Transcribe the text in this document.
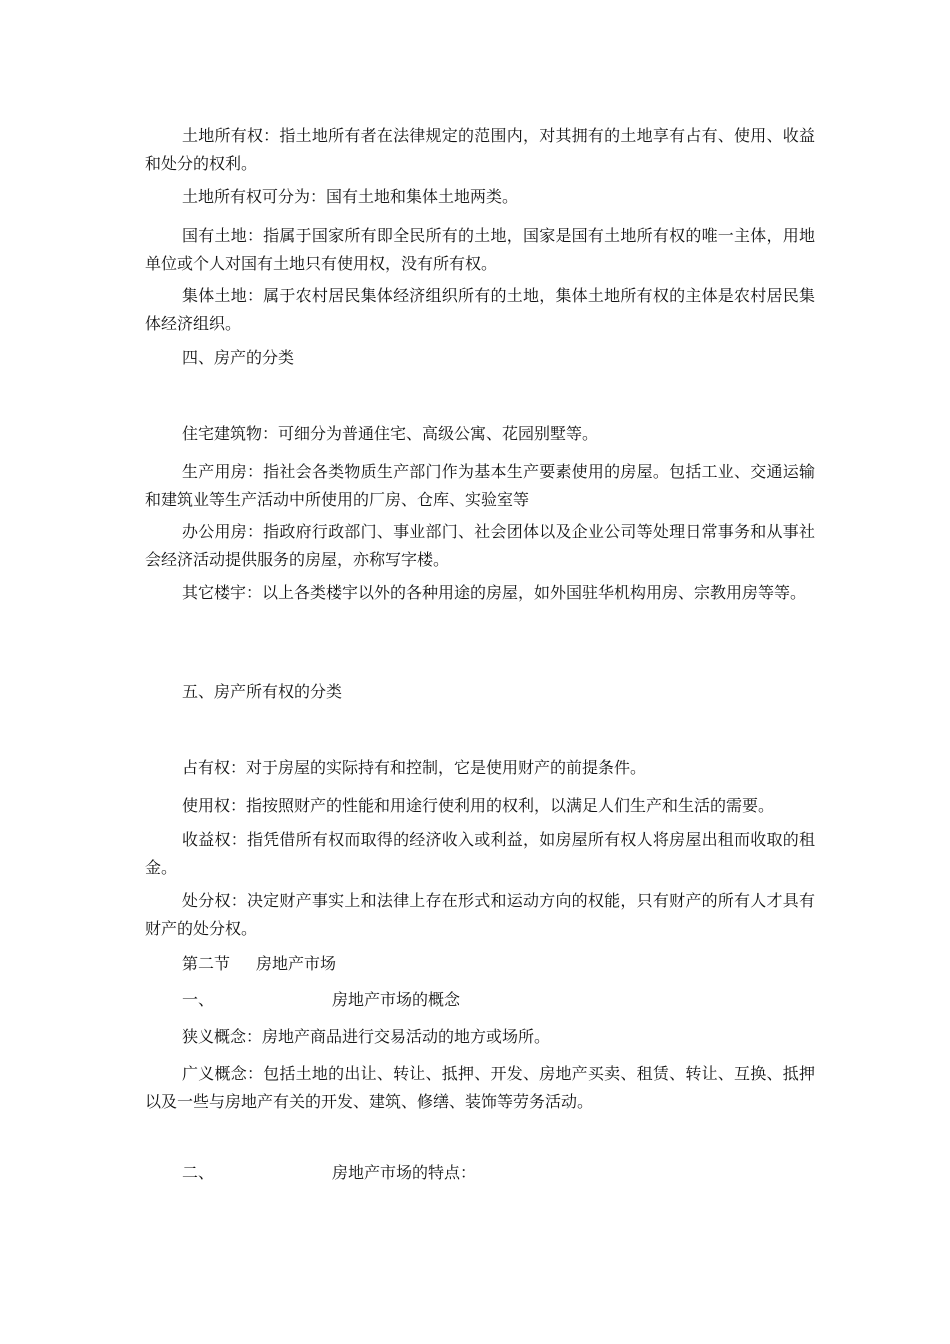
土地所有权：指土地所有者在法律规定的范围内，对其拥有的土地享有占有、使用、收益和处分的权利。

土地所有权可分为：国有土地和集体土地两类。

国有土地：指属于国家所有即全民所有的土地，国家是国有土地所有权的唯一主体，用地单位或个人对国有土地只有使用权，没有所有权。

集体土地：属于农村居民集体经济组织所有的土地，集体土地所有权的主体是农村居民集体经济组织。

四、房产的分类

住宅建筑物：可细分为普通住宅、高级公寓、花园别墅等。

生产用房：指社会各类物质生产部门作为基本生产要素使用的房屋。包括工业、交通运输和建筑业等生产活动中所使用的厂房、仓库、实验室等

办公用房：指政府行政部门、事业部门、社会团体以及企业公司等处理日常事务和从事社会经济活动提供服务的房屋，亦称写字楼。

其它楼宇：以上各类楼宇以外的各种用途的房屋，如外国驻华机构用房、宗教用房等等。

五、房产所有权的分类

占有权：对于房屋的实际持有和控制，它是使用财产的前提条件。

使用权：指按照财产的性能和用途行使利用的权利，以满足人们生产和生活的需要。

收益权：指凭借所有权而取得的经济收入或利益，如房屋所有权人将房屋出租而收取的租金。

处分权：决定财产事实上和法律上存在形式和运动方向的权能，只有财产的所有人才具有财产的处分权。

第二节 房地产市场

一、	房地产市场的概念

狭义概念：房地产商品进行交易活动的地方或场所。

广义概念：包括土地的出让、转让、抵押、开发、房地产买卖、租赁、转让、互换、抵押以及一些与房地产有关的开发、建筑、修缮、装饰等劳务活动。

二、	房地产市场的特点：
